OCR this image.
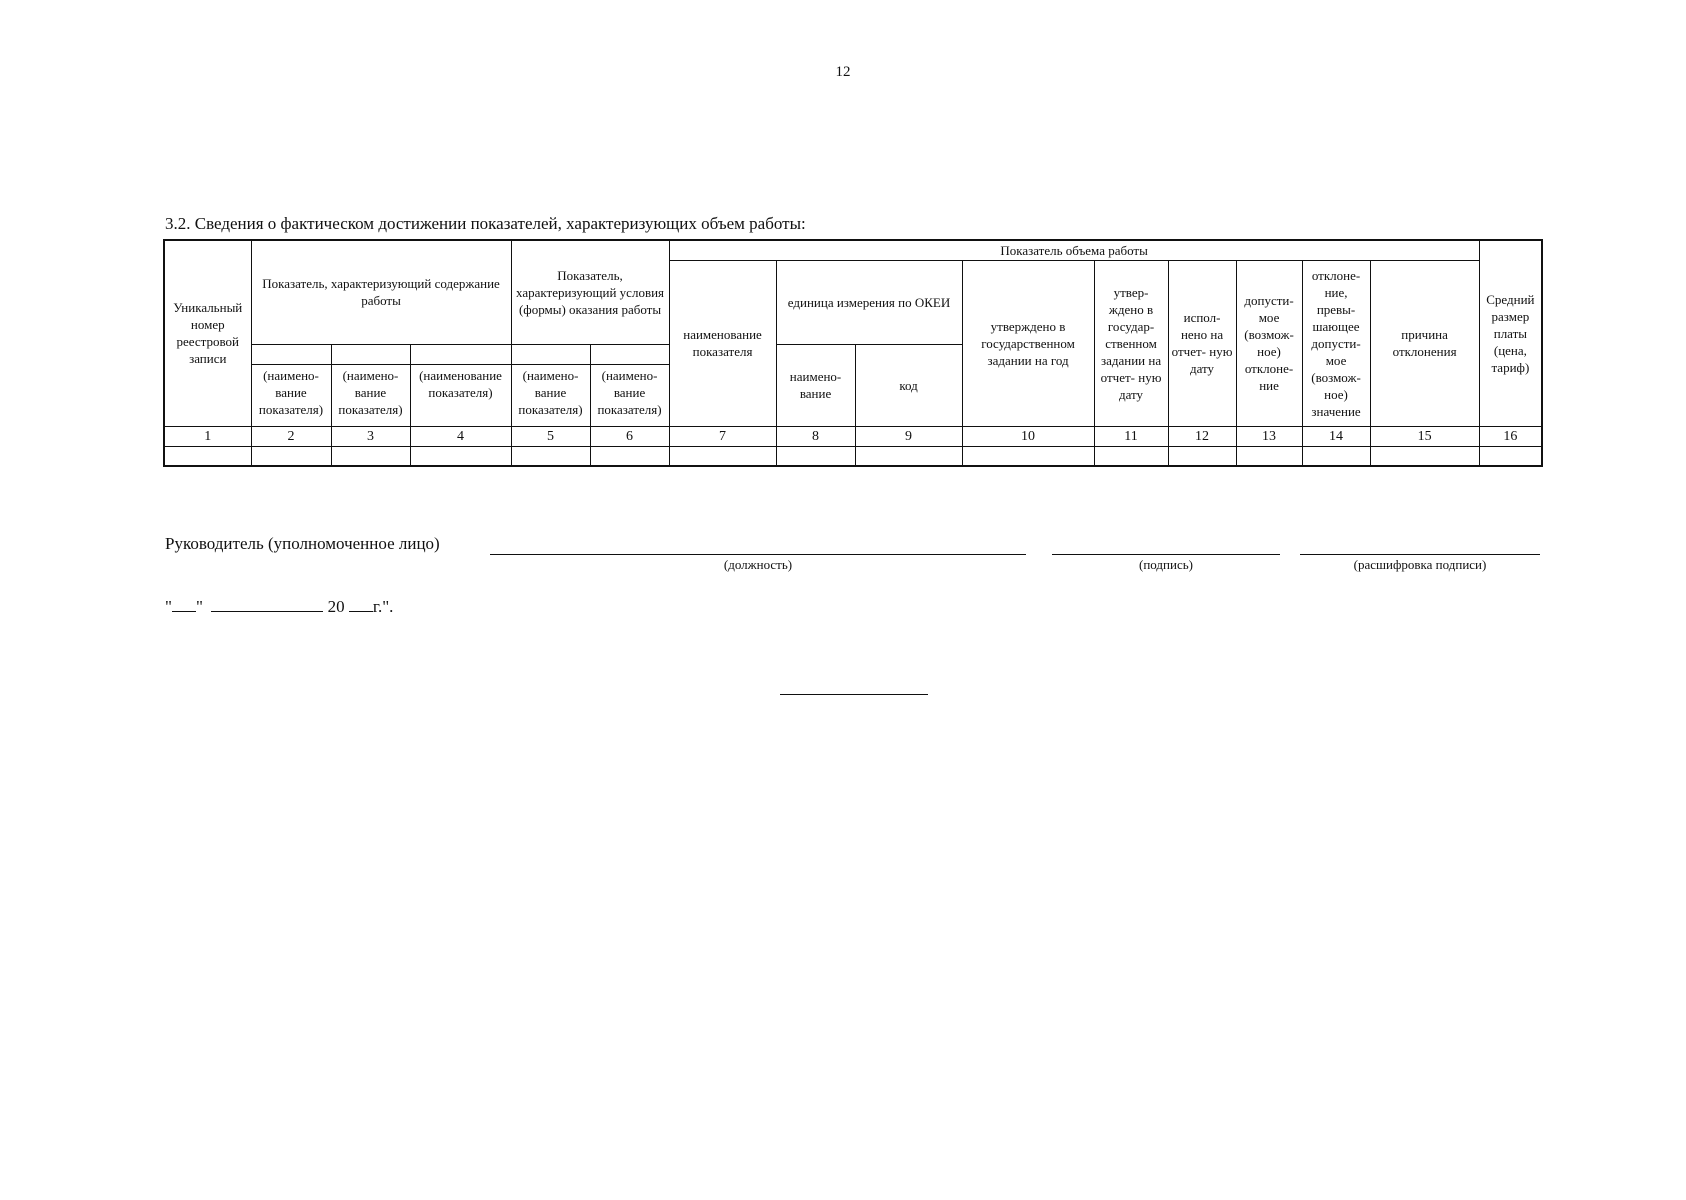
12
3.2. Сведения о фактическом достижении показателей, характеризующих объем работы:
Уникальный номер реестровой записи	Показатель, характеризующий содержание работы			Показатель, характеризующий условия (формы) оказания работы		Показатель объема работы									Средний размер платы (цена, тариф)
						наименование показателя	единица измерения по ОКЕИ		утверждено в государственном задании на год	утвер- ждено в государ- ственном задании на отчет- ную дату	испол- нено на отчет- ную дату	допусти- мое (возмож- ное) отклоне- ние	отклоне- ние, превы- шающее допусти- мое (возмож- ное) значение	причина отклонения	
							наимено- вание	код							
	(наимено- вание показателя)	(наимено- вание показателя)	(наименование показателя)	(наимено- вание показателя)	(наимено- вание показателя)										
1	2	3	4	5	6	7	8	9	10	11	12	13	14	15	16

Руководитель (уполномоченное лицо)
(должность)	(подпись)	(расшифровка подписи)
" "	20 г.".
